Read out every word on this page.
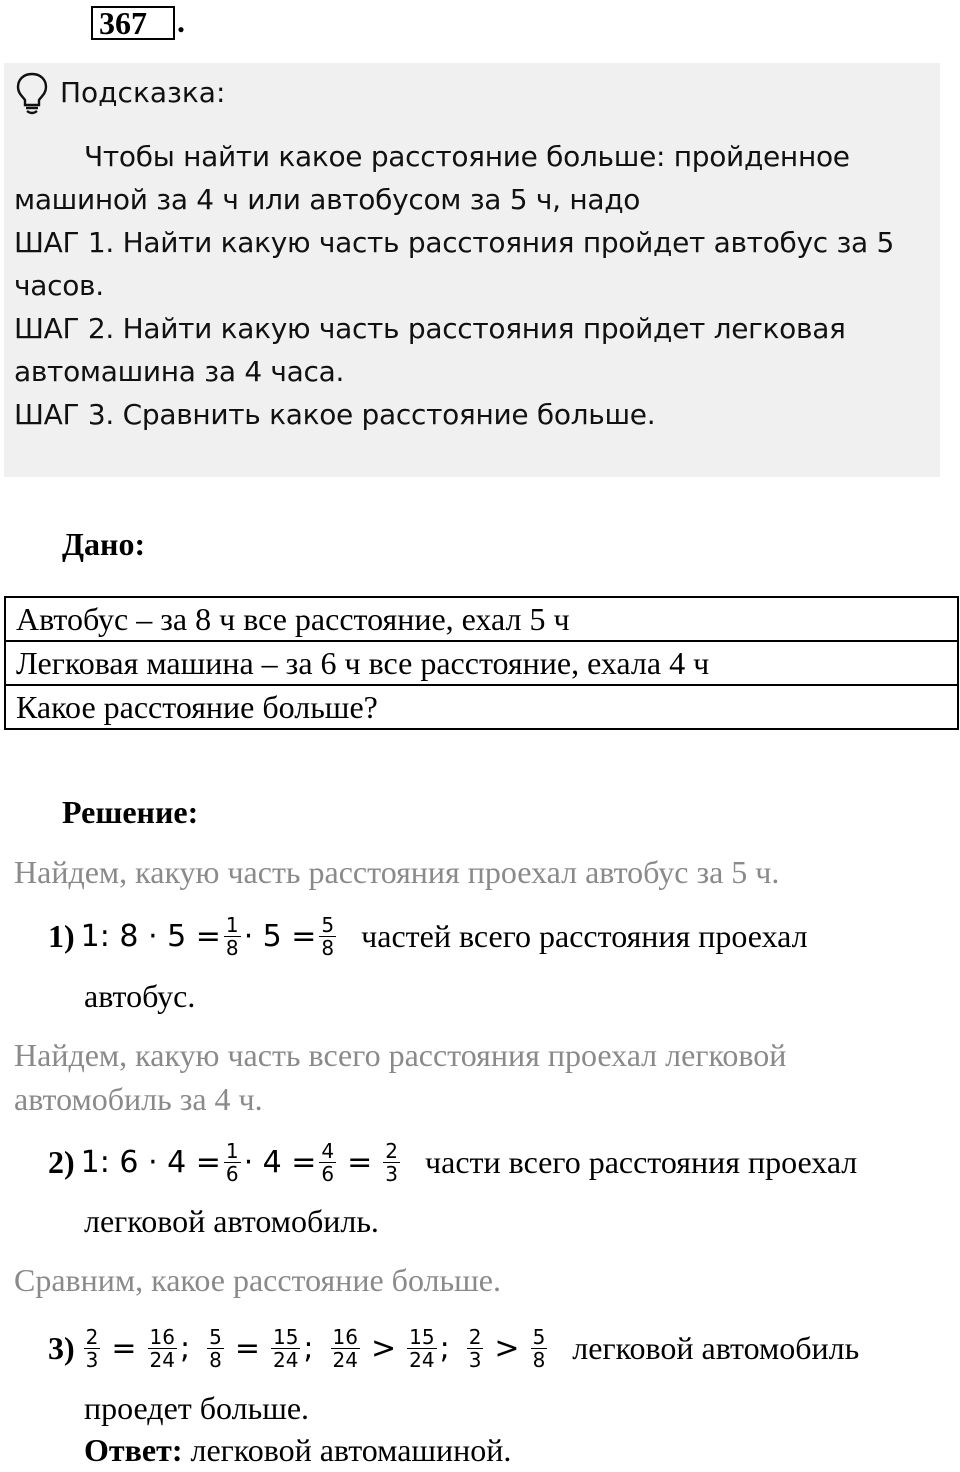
367 .
Подсказка:
Чтобы найти какое расстояние больше: пройденное
машиной за 4 ч или автобусом за 5 ч, надо
ШАГ 1. Найти какую часть расстояния пройдет автобус за 5
часов.
ШАГ 2. Найти какую часть расстояния пройдет легковая
автомашина за 4 часа.
ШАГ 3. Сравнить какое расстояние больше.
Дано:
Автобус – за 8 ч все расстояние, ехал 5 ч
Легковая машина – за 6 ч все расстояние, ехала 4 ч
Какое расстояние больше?
Решение:
Найдем, какую часть расстояния проехал автобус за 5 ч.
1) 1: $8 \cdot 5 = \frac{1}{8} \cdot 5 = \frac{5}{8}$ частей всего расстояния проехал
автобус.
Найдем, какую часть всего расстояния проехал легковой
автомобиль за 4 ч.
2) 1: $6 \cdot 4 = \frac{1}{6} \cdot 4 = \frac{4}{6} = \frac{2}{3}$ части всего расстояния проехал
легковой автомобиль.
Сравним, какое расстояние больше.
$3) \frac{2}{3} = \frac{16}{24}$ ; $\frac{5}{8} = \frac{15}{24}$ ; $\frac{16}{24} > \frac{15}{24}$ ; $\frac{2}{3} > \frac{5}{8}$ легковой автомобиль
проедет больше.
Ответ: легковой автомашиной.
